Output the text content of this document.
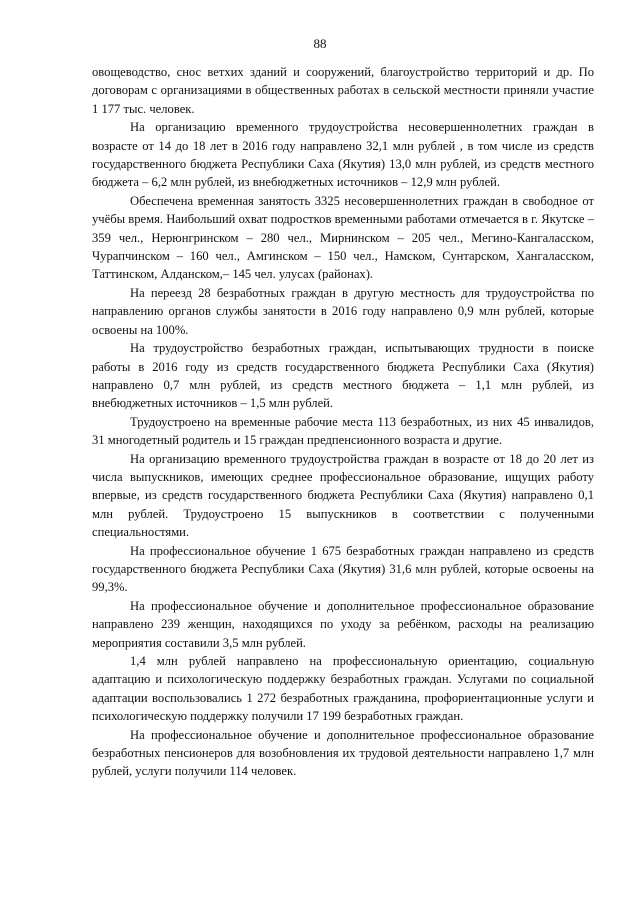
88

овощеводство, снос ветхих зданий и сооружений, благоустройство территорий и др. По договорам с организациями в общественных работах в сельской местности приняли участие 1 177 тыс. человек.

На организацию временного трудоустройства несовершеннолетних граждан в возрасте от 14 до 18 лет в 2016 году направлено 32,1 млн рублей , в том числе из средств государственного бюджета Республики Саха (Якутия) 13,0 млн рублей, из средств местного бюджета – 6,2 млн рублей, из внебюджетных источников – 12,9 млн рублей.

Обеспечена временная занятость 3325 несовершеннолетних граждан в свободное от учёбы время. Наибольший охват подростков временными работами отмечается в г. Якутске – 359 чел., Нерюнгринском – 280 чел., Мирнинском – 205 чел., Мегино-Кангаласском, Чурапчинском – 160 чел., Амгинском – 150 чел., Намском, Сунтарском, Хангаласском, Таттинском, Алданском,– 145 чел. улусах (районах).

На переезд 28 безработных граждан в другую местность для трудоустройства по направлению органов службы занятости в 2016 году направлено 0,9 млн рублей, которые освоены на 100%.

На трудоустройство безработных граждан, испытывающих трудности в поиске работы в 2016 году из средств государственного бюджета Республики Саха (Якутия) направлено 0,7 млн рублей, из средств местного бюджета – 1,1 млн рублей, из внебюджетных источников – 1,5 млн рублей.

Трудоустроено на временные рабочие места 113 безработных, из них 45 инвалидов, 31 многодетный родитель и 15 граждан предпенсионного возраста и другие.

На организацию временного трудоустройства граждан в возрасте от 18 до 20 лет из числа выпускников, имеющих среднее профессиональное образование, ищущих работу впервые, из средств государственного бюджета Республики Саха (Якутия) направлено 0,1 млн рублей. Трудоустроено 15 выпускников в соответствии с полученными специальностями.

На профессиональное обучение 1 675 безработных граждан направлено из средств государственного бюджета Республики Саха (Якутия) 31,6 млн рублей, которые освоены на 99,3%.

На профессиональное обучение и дополнительное профессиональное образование направлено 239 женщин, находящихся по уходу за ребёнком, расходы на реализацию мероприятия составили 3,5 млн рублей.

1,4 млн рублей направлено на профессиональную ориентацию, социальную адаптацию и психологическую поддержку безработных граждан. Услугами по социальной адаптации воспользовались 1 272 безработных гражданина, профориентационные услуги и психологическую поддержку получили 17 199 безработных граждан.

На профессиональное обучение и дополнительное профессиональное образование безработных пенсионеров для возобновления их трудовой деятельности направлено 1,7 млн рублей, услуги получили 114 человек.
